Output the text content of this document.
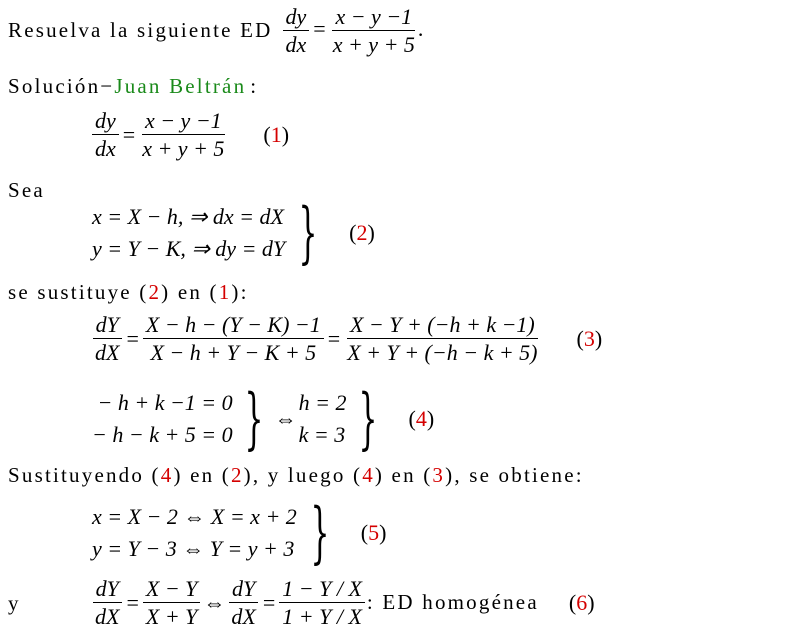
Resuelva la siguiente ED $\frac{dy}{dx} = \frac{x - y -1}{x + y + 5}$ .
Solución−Juan Beltrán :
$\frac{dy}{dx} = \frac{x - y -1}{x + y + 5} (1)$
Sea
x = X − h, ⇒ dx = dX
y = Y − K, ⇒ dy = dY } (2)
se sustituye (2) en (1):
$\frac{dY}{dX} = \frac{X - h - (Y - K) -1}{X - h + Y - K + 5} = \frac{X - Y + (-h + k -1)}{X + Y + (-h - k + 5)} (3)$
− h + k −1 = 0
− h − k + 5 = 0 } ⇔
h = 2
k = 3 } (4)
Sustituyendo (4) en (2), y luego (4) en (3), se obtiene:
x = X − 2 ⇔ X = x + 2
y = Y − 3 ⇔ Y = y + 3 } (5)
y	$\frac{dY}{dX} = \frac{X - Y}{X + Y}$ ⇔ $\frac{dY}{dX} = \frac{1 - Y / X}{1 + Y / X}$ : ED homogénea (6)
